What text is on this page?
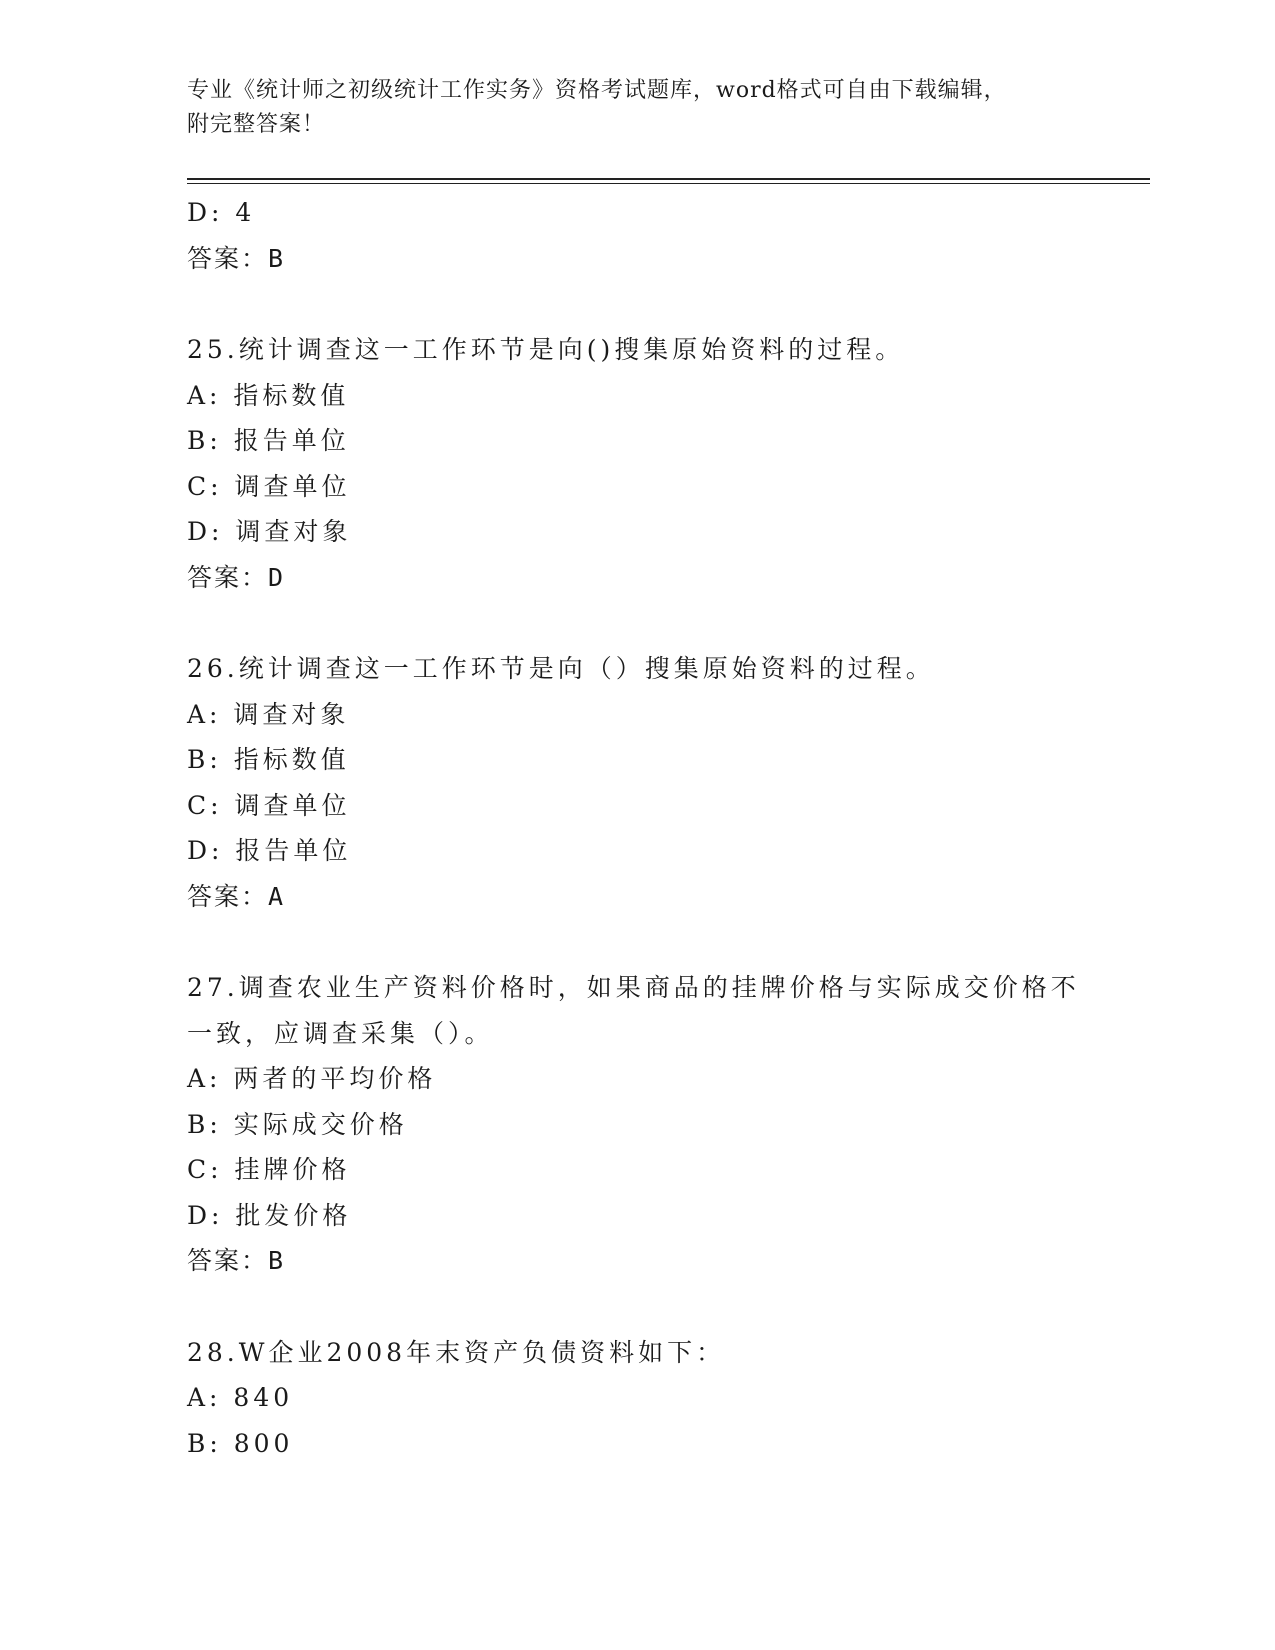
专业《统计师之初级统计工作实务》资格考试题库，word格式可自由下载编辑，
附完整答案！
D: 4
答案：B
25.统计调查这一工作环节是向()搜集原始资料的过程。
A: 指标数值
B: 报告单位
C: 调查单位
D: 调查对象
答案：D
26.统计调查这一工作环节是向（）搜集原始资料的过程。
A: 调查对象
B: 指标数值
C: 调查单位
D: 报告单位
答案：A
27.调查农业生产资料价格时，如果商品的挂牌价格与实际成交价格不
一致，应调查采集（）。
A: 两者的平均价格
B: 实际成交价格
C: 挂牌价格
D: 批发价格
答案：B
28.W企业2008年末资产负债资料如下：
A: 840
B: 800
